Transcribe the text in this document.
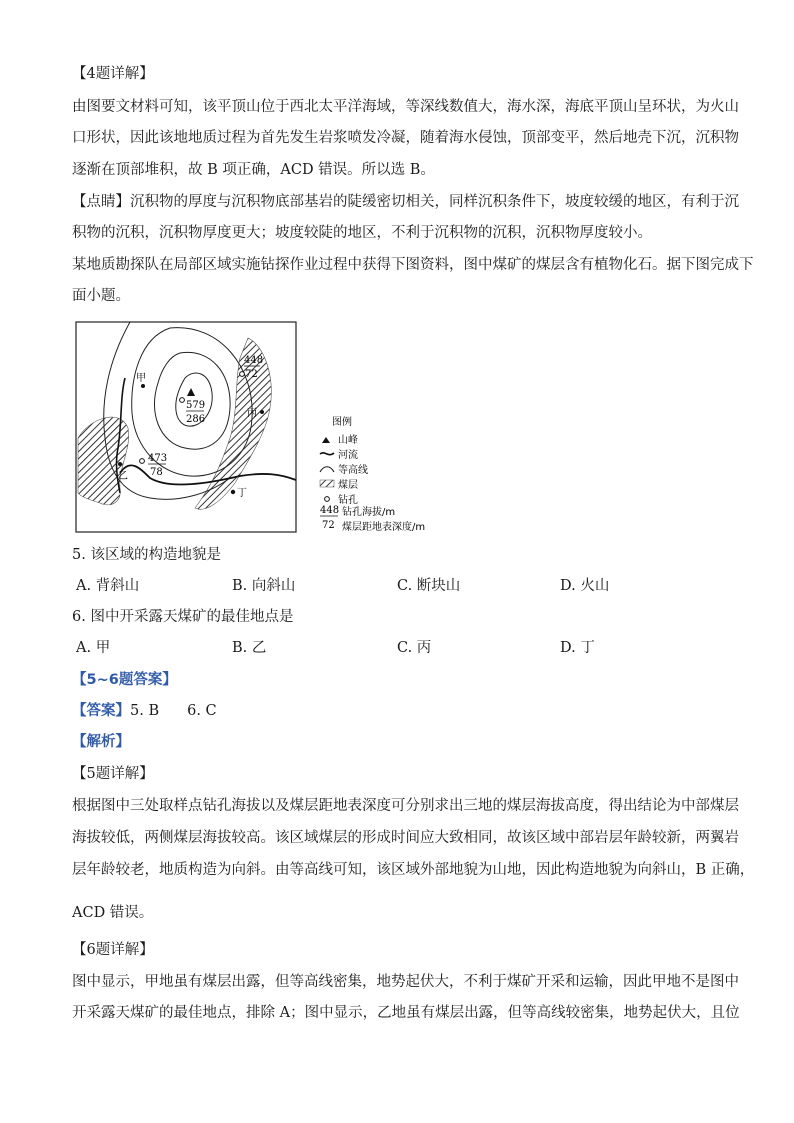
【4题详解】
由图要文材料可知，该平顶山位于西北太平洋海域，等深线数值大，海水深，海底平顶山呈环状，为火山
口形状，因此该地地质过程为首先发生岩浆喷发冷凝，随着海水侵蚀，顶部变平，然后地壳下沉，沉积物
逐渐在顶部堆积，故 B 项正确，ACD 错误。所以选 B。
【点睛】沉积物的厚度与沉积物底部基岩的陡缓密切相关，同样沉积条件下，坡度较缓的地区，有利于沉
积物的沉积，沉积物厚度更大；坡度较陡的地区，不利于沉积物的沉积，沉积物厚度较小。
某地质勘探队在局部区域实施钻探作业过程中获得下图资料，图中煤矿的煤层含有植物化石。据下图完成下
面小题。
448
72
579
286
473
78
甲
乙
丙
丁
图例
山峰
河流
等高线
煤层
钻孔
448
72
钻孔海拔/m
煤层距地表深度/m
5. 该区域的构造地貌是
A. 背斜山	B. 向斜山	C. 断块山	D. 火山
6. 图中开采露天煤矿的最佳地点是
A. 甲	B. 乙	C. 丙	D. 丁
【5~6题答案】
【答案】5. B 6. C
【解析】
【5题详解】
根据图中三处取样点钻孔海拔以及煤层距地表深度可分别求出三地的煤层海拔高度，得出结论为中部煤层
海拔较低，两侧煤层海拔较高。该区域煤层的形成时间应大致相同，故该区域中部岩层年龄较新，两翼岩
层年龄较老，地质构造为向斜。由等高线可知，该区域外部地貌为山地，因此构造地貌为向斜山，B 正确，
ACD 错误。
【6题详解】
图中显示，甲地虽有煤层出露，但等高线密集，地势起伏大，不利于煤矿开采和运输，因此甲地不是图中
开采露天煤矿的最佳地点，排除 A；图中显示，乙地虽有煤层出露，但等高线较密集，地势起伏大，且位
